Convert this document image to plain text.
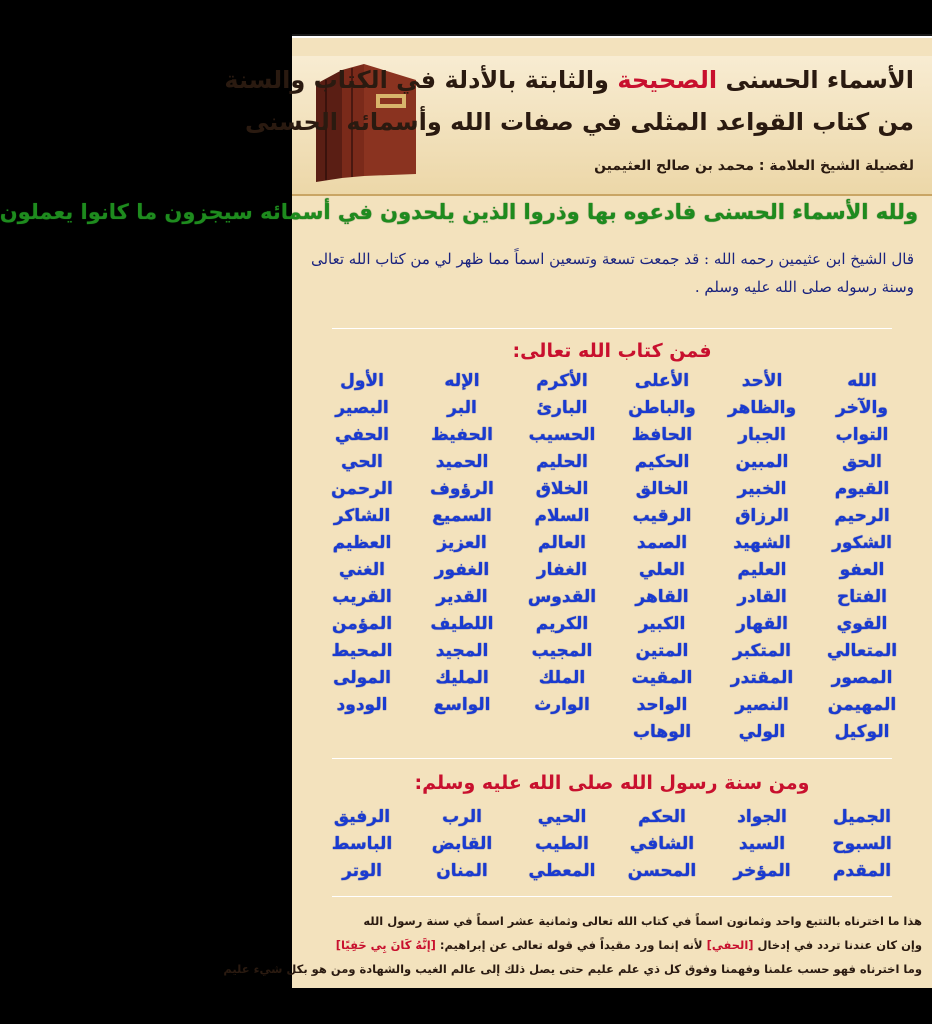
الأسماء الحسنى الصحيحة والثابتة بالأدلة في الكتاب والسنة
من كتاب القواعد المثلى في صفات الله وأسمائه الحسنى
لفضيلة الشيخ العلامة : محمد بن صالح العثيمين
ولله الأسماء الحسنى فادعوه بها وذروا الذين يلحدون في أسمائه سيجزون ما كانوا يعملون
قال الشيخ ابن عثيمين رحمه الله : قد جمعت تسعة وتسعين اسماً مما ظهر لي من كتاب الله تعالى
وسنة رسوله صلى الله عليه وسلم .
فمن كتاب الله تعالى:
الله
الأحد
الأعلى
الأكرم
الإله
الأول
والآخر
والظاهر
والباطن
البارئ
البر
البصير
التواب
الجبار
الحافظ
الحسيب
الحفيظ
الحفي
الحق
المبين
الحكيم
الحليم
الحميد
الحي
القيوم
الخبير
الخالق
الخلاق
الرؤوف
الرحمن
الرحيم
الرزاق
الرقيب
السلام
السميع
الشاكر
الشكور
الشهيد
الصمد
العالم
العزيز
العظيم
العفو
العليم
العلي
الغفار
الغفور
الغني
الفتاح
القادر
القاهر
القدوس
القدير
القريب
القوي
القهار
الكبير
الكريم
اللطيف
المؤمن
المتعالي
المتكبر
المتين
المجيب
المجيد
المحيط
المصور
المقتدر
المقيت
الملك
المليك
المولى
المهيمن
النصير
الواحد
الوارث
الواسع
الودود
الوكيل
الولي
الوهاب
ومن سنة رسول الله صلى الله عليه وسلم:
الجميل
الجواد
الحكم
الحيي
الرب
الرفيق
السبوح
السيد
الشافي
الطيب
القابض
الباسط
المقدم
المؤخر
المحسن
المعطي
المنان
الوتر
هذا ما اخترناه بالتتبع واحد وثمانون اسماً في كتاب الله تعالى وثمانية عشر اسماً في سنة رسول الله
وإن كان عندنا تردد في إدخال [الحفي] لأنه إنما ورد مقيداً في قوله تعالى عن إبراهيم: [إنَّهُ كَانَ بِي حَفِيًا]
وما اخترناه فهو حسب علمنا وفهمنا وفوق كل ذي علم عليم حتى يصل ذلك إلى عالم الغيب والشهادة ومن هو بكل شيء عليم
